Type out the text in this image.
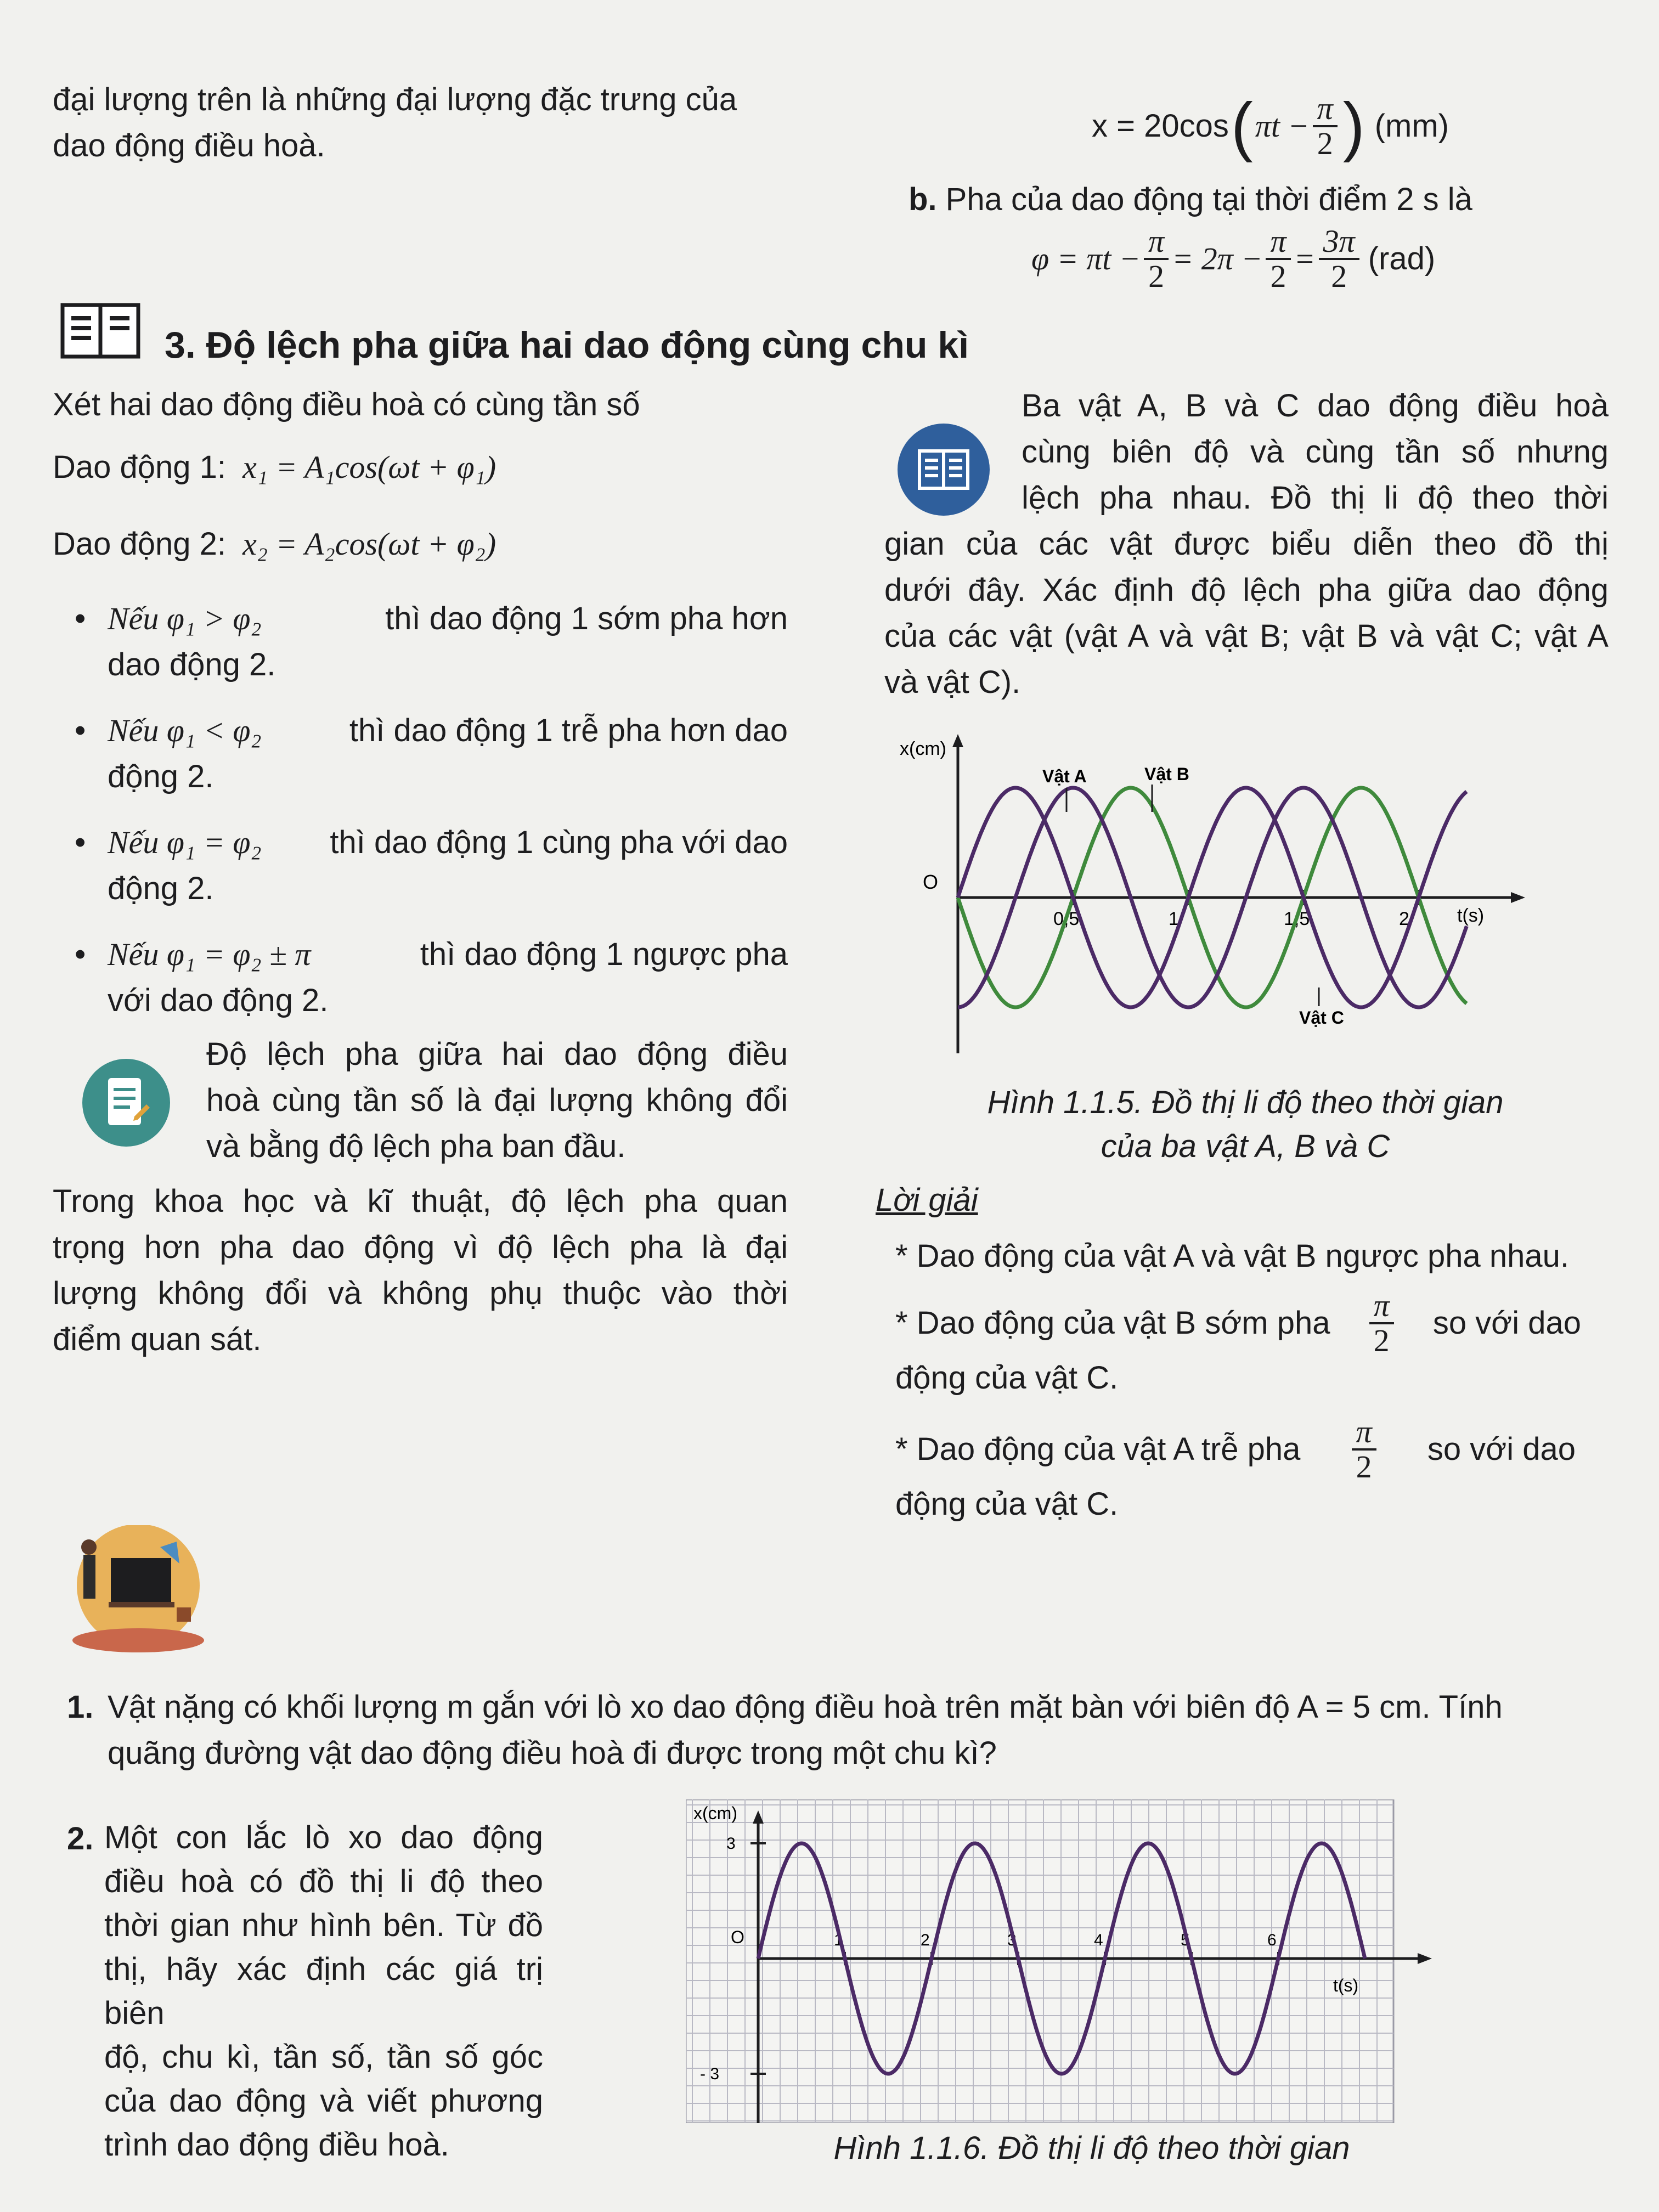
đại lượng trên là những đại lượng đặc trưng của
dao động điều hoà.
x = 20cos ( $\pi t - \frac{\pi}{2}$ ) (mm)
b. Pha của dao động tại thời điểm 2 s là
$\varphi = \pi t - \frac{\pi}{2} = 2\pi - \frac{\pi}{2} = \frac{3\pi}{2} (rad)$
3. Độ lệch pha giữa hai dao động cùng chu kì
Xét hai dao động điều hoà có cùng tần số
Dao động 1: x₁ = A₁cos(ωt + φ₁)
Dao động 2: x₂ = A₂cos(ωt + φ₂)
• Nếu φ₁ > φ₂	thì dao động 1 sớm pha hơn
dao động 2.
• Nếu φ₁ < φ₂	thì dao động 1 trễ pha hơn dao
động 2.
• Nếu φ₁ = φ₂ thì dao động 1 cùng pha với dao
động 2.
• Nếu φ₁ = φ₂ ± π	thì dao động 1 ngược pha
với dao động 2.
Độ lệch pha giữa hai dao động điều
hoà cùng tần số là đại lượng không đổi
và bằng độ lệch pha ban đầu.
Trong khoa học và kĩ thuật, độ lệch pha quan
trọng hơn pha dao động vì độ lệch pha là đại
lượng không đổi và không phụ thuộc vào thời
điểm quan sát.
Ba vật A, B và C dao động điều hoà
cùng biên độ và cùng tần số nhưng
lệch pha nhau. Đồ thị li độ theo thời
gian của các vật được biểu diễn theo đồ thị
dưới đây. Xác định độ lệch pha giữa dao động
của các vật (vật A và vật B; vật B và vật C; vật A
và vật C).
x(cm)
O
t(s)
0,5	1	1,5	2
Vật A	Vật B
Vật C
Hình 1.1.5. Đồ thị li độ theo thời gian
của ba vật A, B và C
Lời giải
* Dao động của vật A và vật B ngược pha nhau.
* Dao động của vật B sớm pha $\frac{\pi}{2}$ so với dao
động của vật C.
* Dao động của vật A trễ pha $\frac{\pi}{2}$ so với dao
động của vật C.
1. Vật nặng có khối lượng m gắn với lò xo dao động điều hoà trên mặt bàn với biên độ A = 5 cm. Tính
quãng đường vật dao động điều hoà đi được trong một chu kì?
2. Một con lắc lò xo dao động
điều hoà có đồ thị li độ theo
thời gian như hình bên. Từ đồ
thị, hãy xác định các giá trị biên
độ, chu kì, tần số, tần số góc
của dao động và viết phương
trình dao động điều hoà.
x(cm)
O
t(s)
1	2	3	4	5	6
3
- 3
Hình 1.1.6. Đồ thị li độ theo thời gian
